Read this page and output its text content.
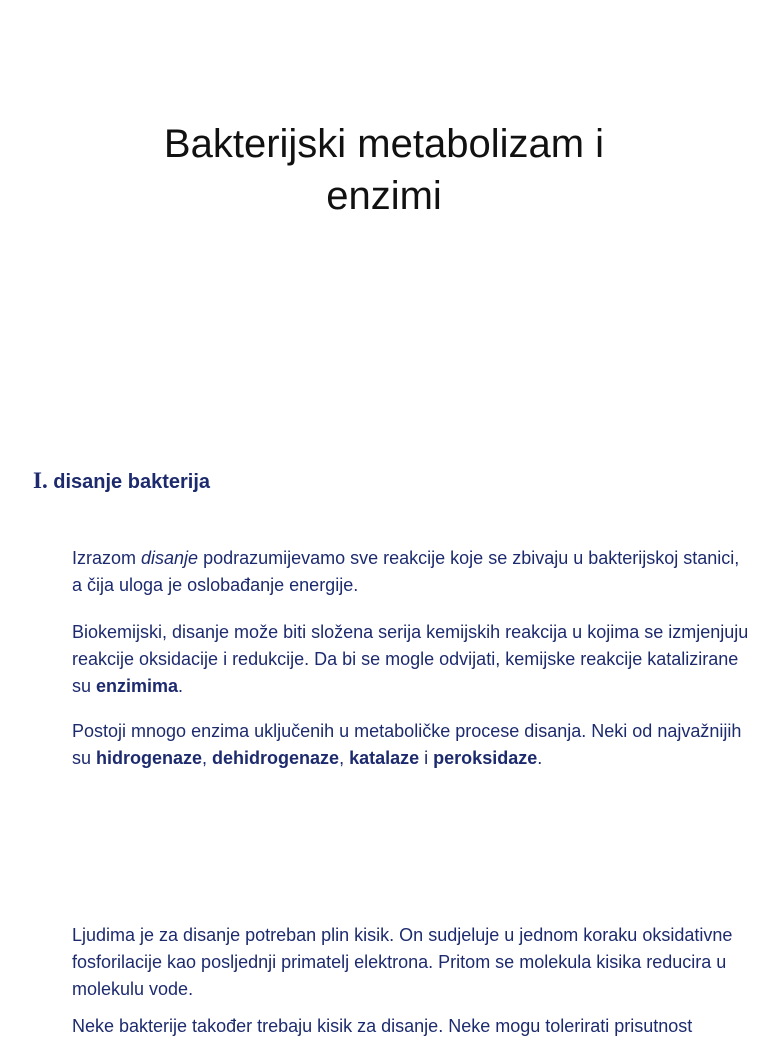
Bakterijski metabolizam i
enzimi
I. disanje bakterija

Izrazom disanje podrazumijevamo sve reakcije koje se zbivaju u bakterijskoj stanici, a čija uloga je oslobađanje energije.

Biokemijski, disanje može biti složena serija kemijskih reakcija u kojima se izmjenjuju reakcije oksidacije i redukcije. Da bi se mogle odvijati, kemijske reakcije katalizirane su enzimima.

Postoji mnogo enzima uključenih u metaboličke procese disanja. Neki od najvažnijih su hidrogenaze, dehidrogenaze, katalaze i peroksidaze.

Ljudima je za disanje potreban plin kisik. On sudjeluje u jednom koraku oksidativne fosforilacije kao posljednji primatelj elektrona. Pritom se molekula kisika reducira u molekulu vode.

Neke bakterije također trebaju kisik za disanje. Neke mogu tolerirati prisutnost
